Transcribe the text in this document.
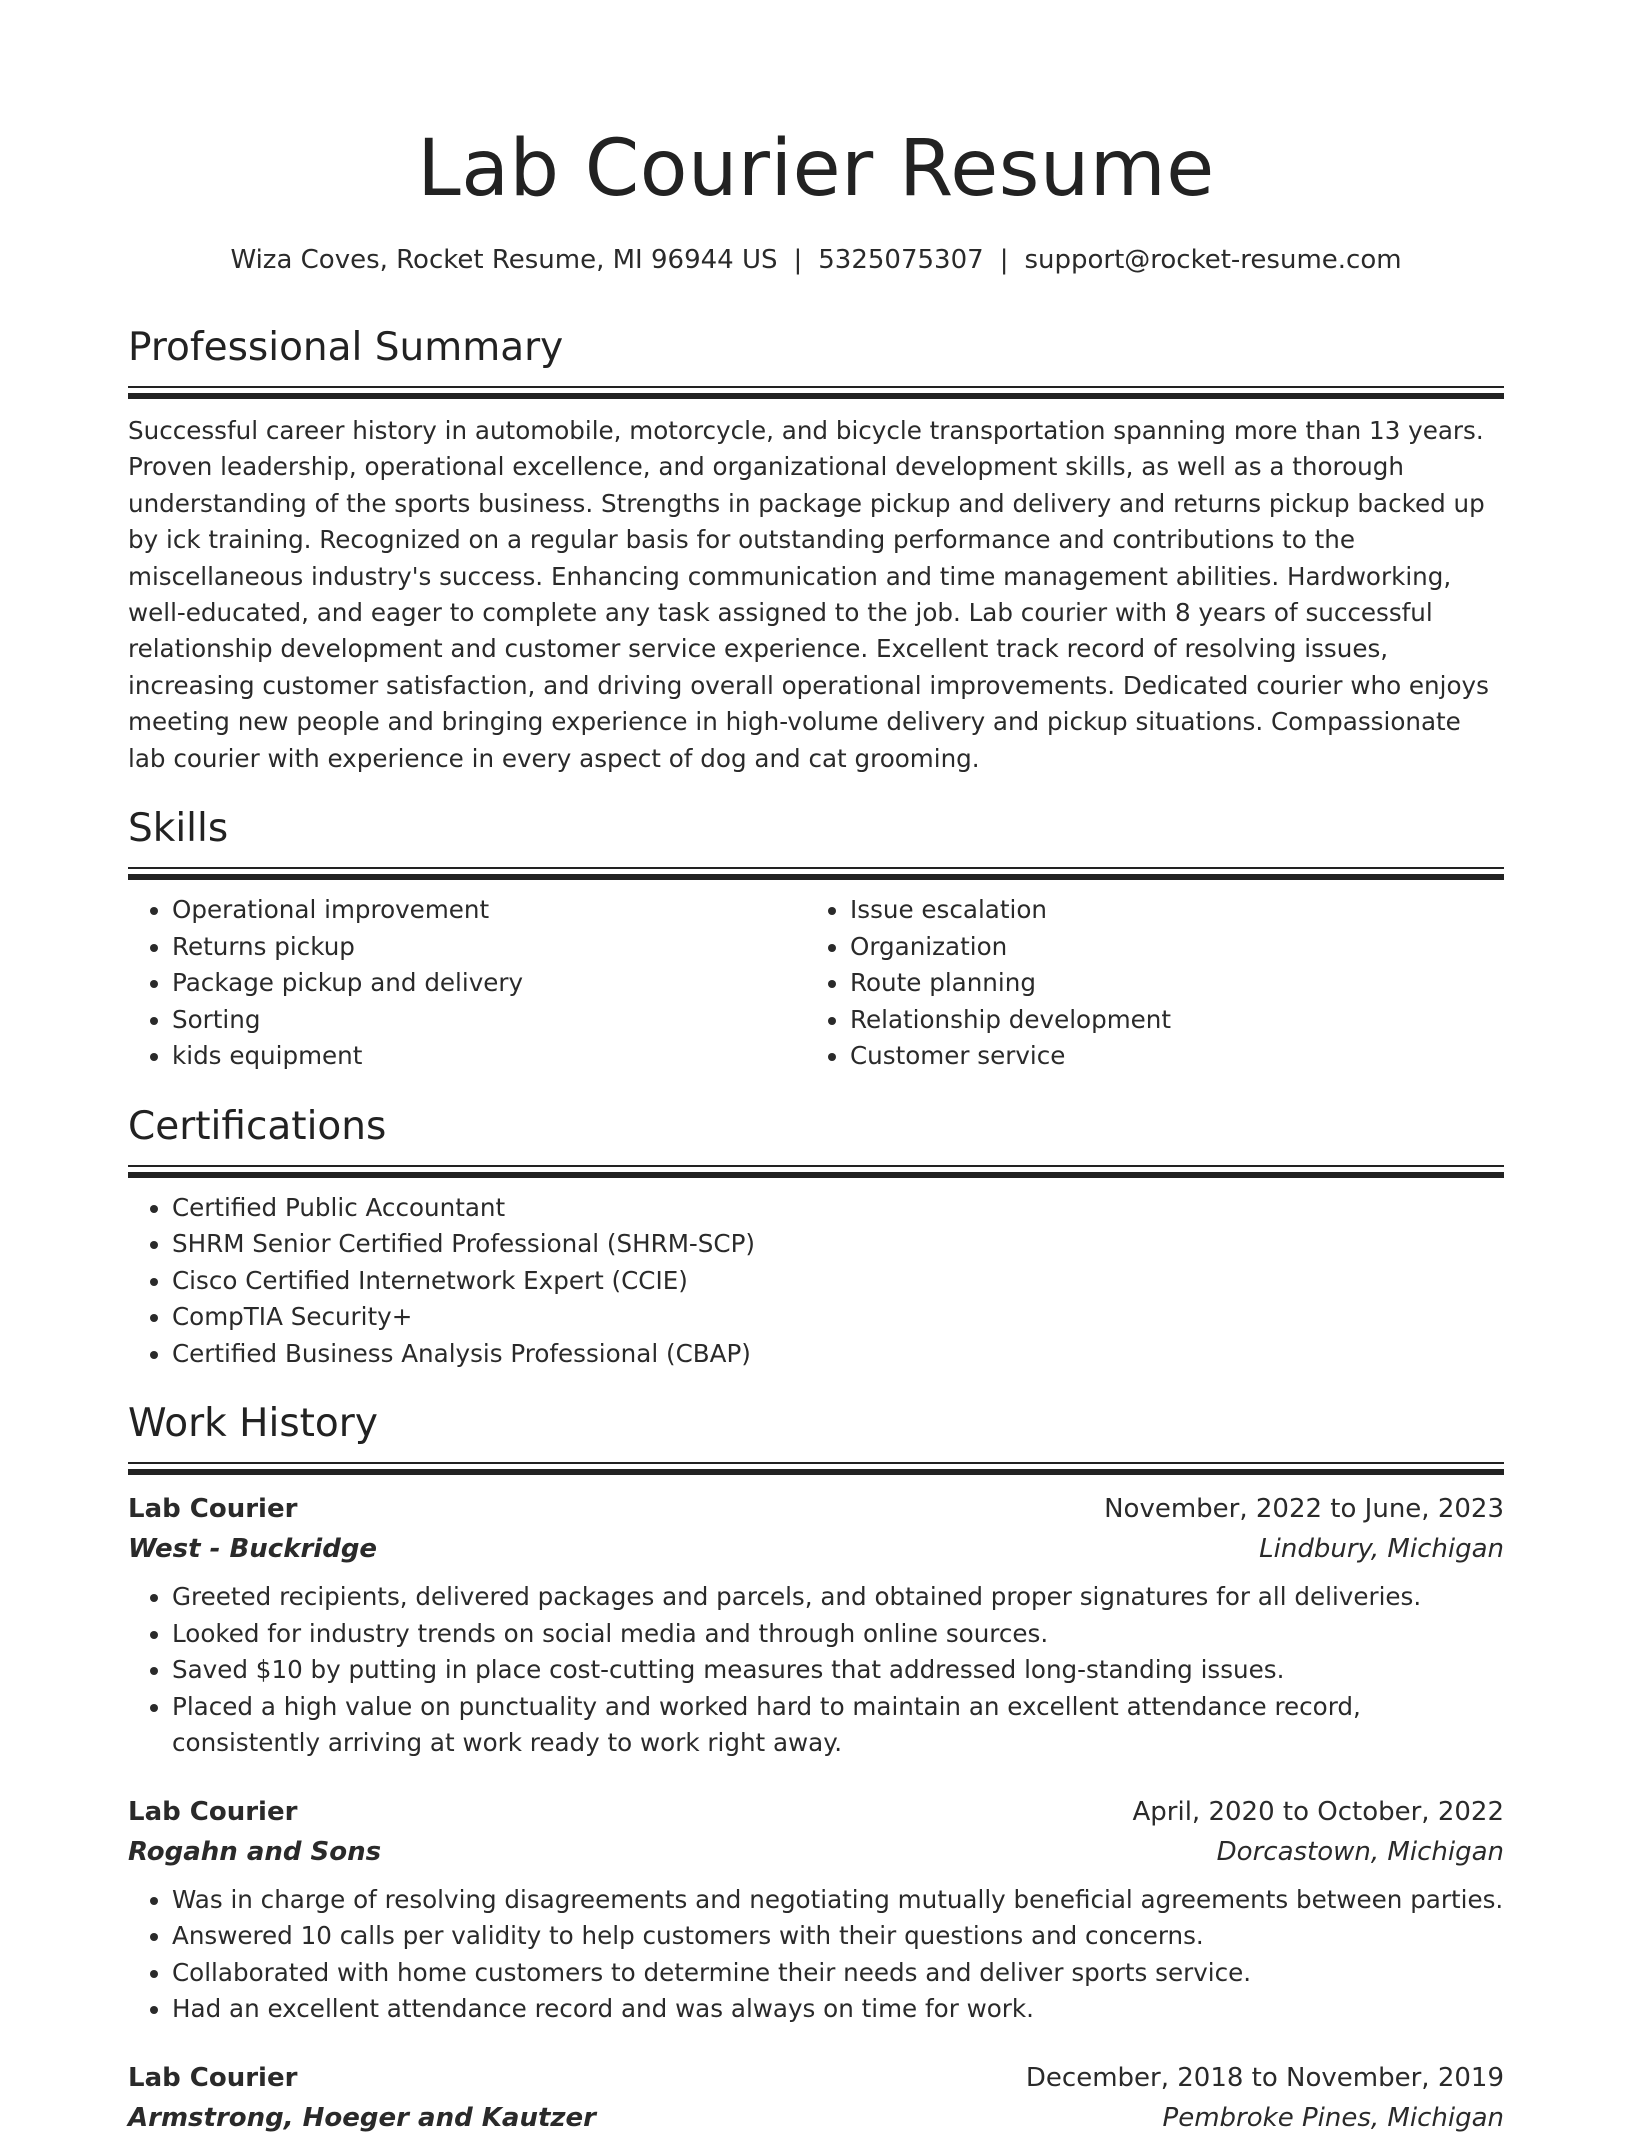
Lab Courier Resume
Wiza Coves, Rocket Resume, MI 96944 US | 5325075307 | support@rocket-resume.com
Professional Summary

Successful career history in automobile, motorcycle, and bicycle transportation spanning more than 13 years. Proven leadership, operational excellence, and organizational development skills, as well as a thorough understanding of the sports business. Strengths in package pickup and delivery and returns pickup backed up by ick training. Recognized on a regular basis for outstanding performance and contributions to the miscellaneous industry's success. Enhancing communication and time management abilities. Hardworking, well-educated, and eager to complete any task assigned to the job. Lab courier with 8 years of successful relationship development and customer service experience. Excellent track record of resolving issues, increasing customer satisfaction, and driving overall operational improvements. Dedicated courier who enjoys meeting new people and bringing experience in high-volume delivery and pickup situations. Compassionate lab courier with experience in every aspect of dog and cat grooming.

Skills
• Operational improvement
• Returns pickup
• Package pickup and delivery
• Sorting
• kids equipment
• Issue escalation
• Organization
• Route planning
• Relationship development
• Customer service
Certifications
• Certified Public Accountant
• SHRM Senior Certified Professional (SHRM-SCP)
• Cisco Certified Internetwork Expert (CCIE)
• CompTIA Security+
• Certified Business Analysis Professional (CBAP)
Work History
Lab Courier	November, 2022 to June, 2023
West - Buckridge	Lindbury, Michigan
• Greeted recipients, delivered packages and parcels, and obtained proper signatures for all deliveries.
• Looked for industry trends on social media and through online sources.
• Saved $10 by putting in place cost-cutting measures that addressed long-standing issues.
• Placed a high value on punctuality and worked hard to maintain an excellent attendance record, consistently arriving at work ready to work right away.
Lab Courier	April, 2020 to October, 2022
Rogahn and Sons	Dorcastown, Michigan
• Was in charge of resolving disagreements and negotiating mutually beneficial agreements between parties.
• Answered 10 calls per validity to help customers with their questions and concerns.
• Collaborated with home customers to determine their needs and deliver sports service.
• Had an excellent attendance record and was always on time for work.
Lab Courier	December, 2018 to November, 2019
Armstrong, Hoeger and Kautzer	Pembroke Pines, Michigan
